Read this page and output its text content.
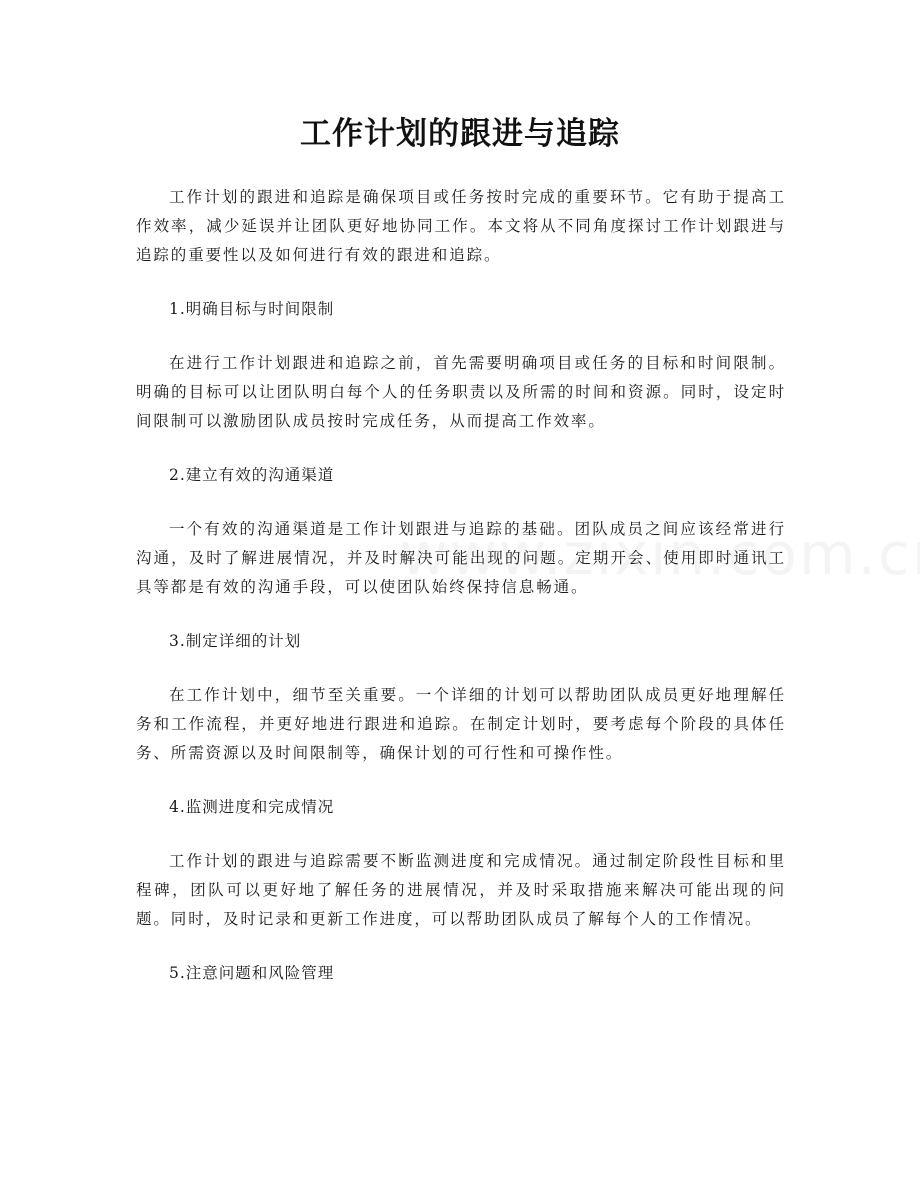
工作计划的跟进与追踪

工作计划的跟进和追踪是确保项目或任务按时完成的重要环节。它有助于提高工作效率，减少延误并让团队更好地协同工作。本文将从不同角度探讨工作计划跟进与追踪的重要性以及如何进行有效的跟进和追踪。

1.明确目标与时间限制

在进行工作计划跟进和追踪之前，首先需要明确项目或任务的目标和时间限制。明确的目标可以让团队明白每个人的任务职责以及所需的时间和资源。同时，设定时间限制可以激励团队成员按时完成任务，从而提高工作效率。

2.建立有效的沟通渠道

一个有效的沟通渠道是工作计划跟进与追踪的基础。团队成员之间应该经常进行沟通，及时了解进展情况，并及时解决可能出现的问题。定期开会、使用即时通讯工具等都是有效的沟通手段，可以使团队始终保持信息畅通。

3.制定详细的计划

在工作计划中，细节至关重要。一个详细的计划可以帮助团队成员更好地理解任务和工作流程，并更好地进行跟进和追踪。在制定计划时，要考虑每个阶段的具体任务、所需资源以及时间限制等，确保计划的可行性和可操作性。

4.监测进度和完成情况

工作计划的跟进与追踪需要不断监测进度和完成情况。通过制定阶段性目标和里程碑，团队可以更好地了解任务的进展情况，并及时采取措施来解决可能出现的问题。同时，及时记录和更新工作进度，可以帮助团队成员了解每个人的工作情况。

5.注意问题和风险管理
